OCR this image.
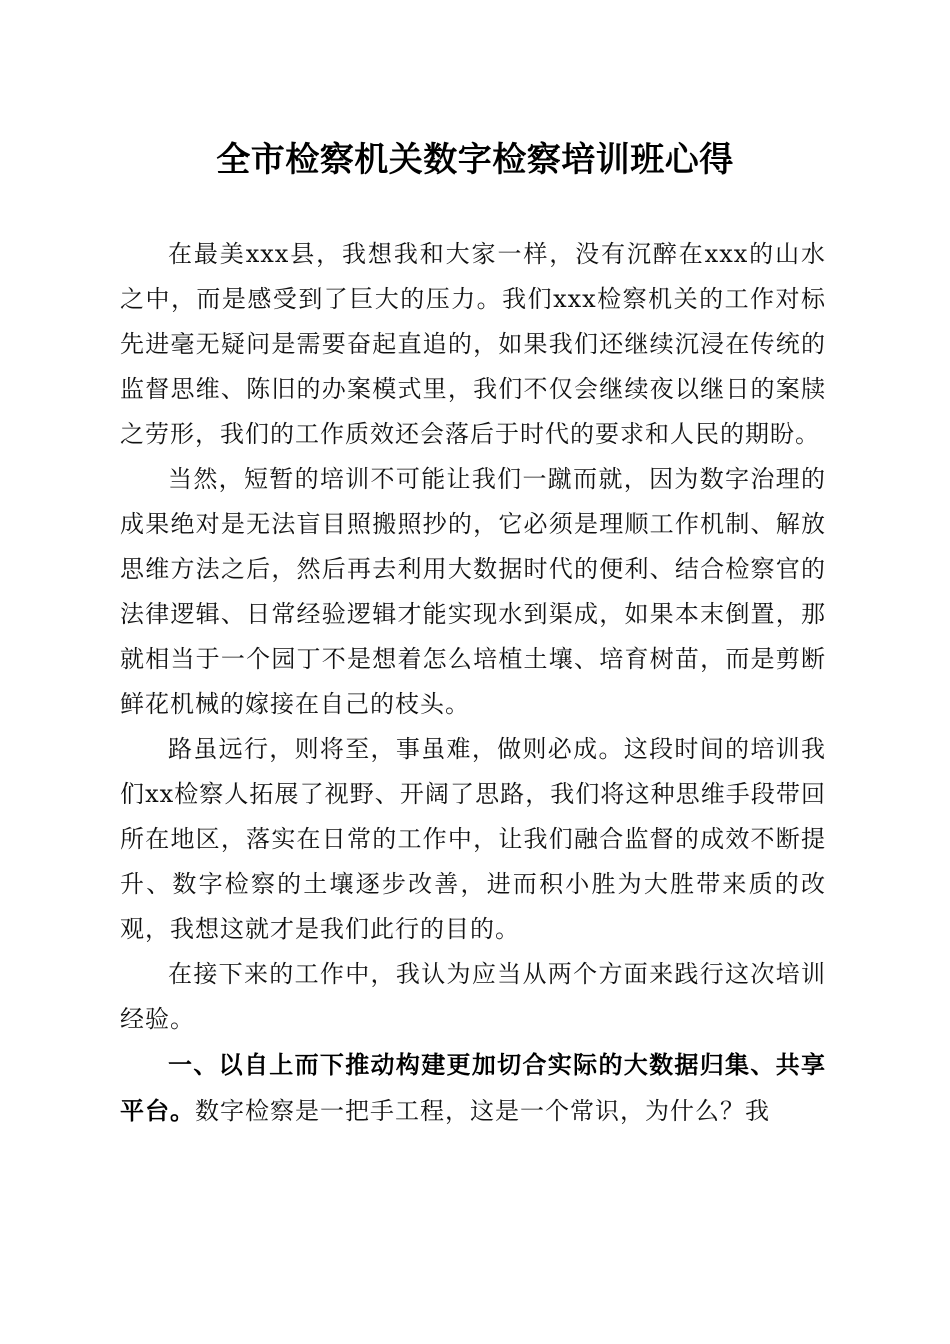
全市检察机关数字检察培训班心得

在最美xxx县，我想我和大家一样，没有沉醉在xxx的山水之中，而是感受到了巨大的压力。我们xxx检察机关的工作对标先进毫无疑问是需要奋起直追的，如果我们还继续沉浸在传统的监督思维、陈旧的办案模式里，我们不仅会继续夜以继日的案牍之劳形，我们的工作质效还会落后于时代的要求和人民的期盼。

当然，短暂的培训不可能让我们一蹴而就，因为数字治理的成果绝对是无法盲目照搬照抄的，它必须是理顺工作机制、解放思维方法之后，然后再去利用大数据时代的便利、结合检察官的法律逻辑、日常经验逻辑才能实现水到渠成，如果本末倒置，那就相当于一个园丁不是想着怎么培植土壤、培育树苗，而是剪断鲜花机械的嫁接在自己的枝头。

路虽远行，则将至，事虽难，做则必成。这段时间的培训我们xx检察人拓展了视野、开阔了思路，我们将这种思维手段带回所在地区，落实在日常的工作中，让我们融合监督的成效不断提升、数字检察的土壤逐步改善，进而积小胜为大胜带来质的改观，我想这就才是我们此行的目的。

在接下来的工作中，我认为应当从两个方面来践行这次培训经验。

一、以自上而下推动构建更加切合实际的大数据归集、共享平台。数字检察是一把手工程，这是一个常识，为什么？我
